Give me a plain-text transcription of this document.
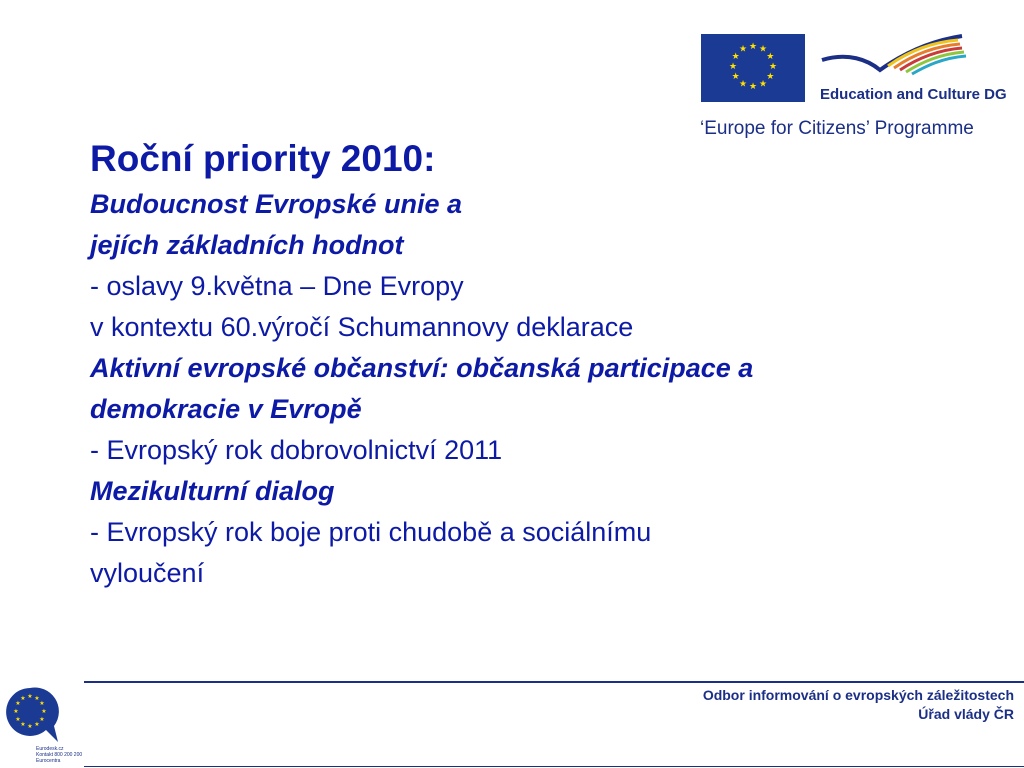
★ ★
★
★
★
★
★
★
★
★
★
★
Education and Culture DG
‘Europe for Citizens’ Programme
Roční priority 2010:
Budoucnost Evropské unie a
jejích základních hodnot
- oslavy 9.května – Dne Evropy
v kontextu 60.výročí Schumannovy deklarace
Aktivní evropské občanství: občanská participace a
demokracie v Evropě
- Evropský rok dobrovolnictví 2011
Mezikulturní dialog
- Evropský rok boje proti chudobě a sociálnímu
vyloučení
★ ★
★
★
★
★
★
★
★
★
★
★
Eurodesk.cz
Kontakt 800 200 200
Eurocentra
Odbor informování o evropských záležitostech
Úřad vlády ČR
